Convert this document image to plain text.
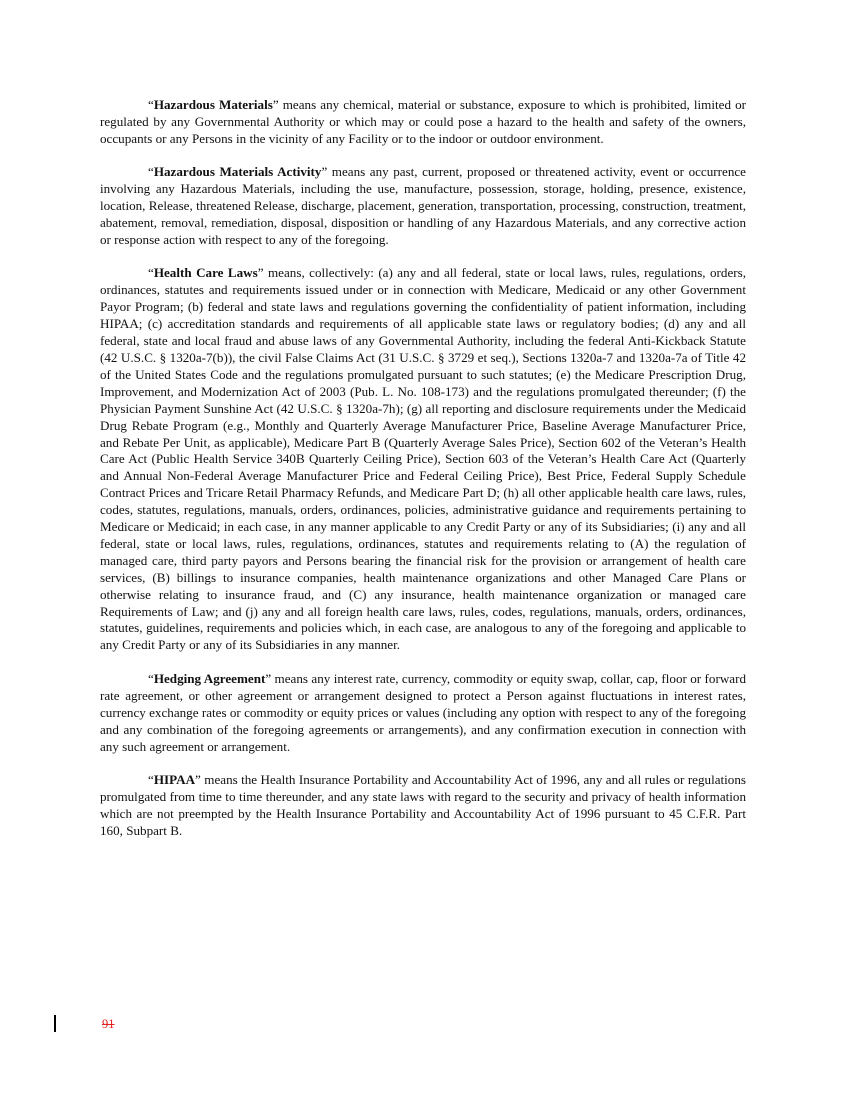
“Hazardous Materials” means any chemical, material or substance, exposure to which is prohibited, limited or regulated by any Governmental Authority or which may or could pose a hazard to the health and safety of the owners, occupants or any Persons in the vicinity of any Facility or to the indoor or outdoor environment.

“Hazardous Materials Activity” means any past, current, proposed or threatened activity, event or occurrence involving any Hazardous Materials, including the use, manufacture, possession, storage, holding, presence, existence, location, Release, threatened Release, discharge, placement, generation, transportation, processing, construction, treatment, abatement, removal, remediation, disposal, disposition or handling of any Hazardous Materials, and any corrective action or response action with respect to any of the foregoing.

“Health Care Laws” means, collectively: (a) any and all federal, state or local laws, rules, regulations, orders, ordinances, statutes and requirements issued under or in connection with Medicare, Medicaid or any other Government Payor Program; (b) federal and state laws and regulations governing the confidentiality of patient information, including HIPAA; (c) accreditation standards and requirements of all applicable state laws or regulatory bodies; (d) any and all federal, state and local fraud and abuse laws of any Governmental Authority, including the federal Anti-Kickback Statute (42 U.S.C. § 1320a-7(b)), the civil False Claims Act (31 U.S.C. § 3729 et seq.), Sections 1320a-7 and 1320a-7a of Title 42 of the United States Code and the regulations promulgated pursuant to such statutes; (e) the Medicare Prescription Drug, Improvement, and Modernization Act of 2003 (Pub. L. No. 108-173) and the regulations promulgated thereunder; (f) the Physician Payment Sunshine Act (42 U.S.C. § 1320a-7h); (g) all reporting and disclosure requirements under the Medicaid Drug Rebate Program (e.g., Monthly and Quarterly Average Manufacturer Price, Baseline Average Manufacturer Price, and Rebate Per Unit, as applicable), Medicare Part B (Quarterly Average Sales Price), Section 602 of the Veteran’s Health Care Act (Public Health Service 340B Quarterly Ceiling Price), Section 603 of the Veteran’s Health Care Act (Quarterly and Annual Non-Federal Average Manufacturer Price and Federal Ceiling Price), Best Price, Federal Supply Schedule Contract Prices and Tricare Retail Pharmacy Refunds, and Medicare Part D; (h) all other applicable health care laws, rules, codes, statutes, regulations, manuals, orders, ordinances, policies, administrative guidance and requirements pertaining to Medicare or Medicaid; in each case, in any manner applicable to any Credit Party or any of its Subsidiaries; (i) any and all federal, state or local laws, rules, regulations, ordinances, statutes and requirements relating to (A) the regulation of managed care, third party payors and Persons bearing the financial risk for the provision or arrangement of health care services, (B) billings to insurance companies, health maintenance organizations and other Managed Care Plans or otherwise relating to insurance fraud, and (C) any insurance, health maintenance organization or managed care Requirements of Law; and (j) any and all foreign health care laws, rules, codes, regulations, manuals, orders, ordinances, statutes, guidelines, requirements and policies which, in each case, are analogous to any of the foregoing and applicable to any Credit Party or any of its Subsidiaries in any manner.

“Hedging Agreement” means any interest rate, currency, commodity or equity swap, collar, cap, floor or forward rate agreement, or other agreement or arrangement designed to protect a Person against fluctuations in interest rates, currency exchange rates or commodity or equity prices or values (including any option with respect to any of the foregoing and any combination of the foregoing agreements or arrangements), and any confirmation execution in connection with any such agreement or arrangement.

“HIPAA” means the Health Insurance Portability and Accountability Act of 1996, any and all rules or regulations promulgated from time to time thereunder, and any state laws with regard to the security and privacy of health information which are not preempted by the Health Insurance Portability and Accountability Act of 1996 pursuant to 45 C.F.R. Part 160, Subpart B.

91
